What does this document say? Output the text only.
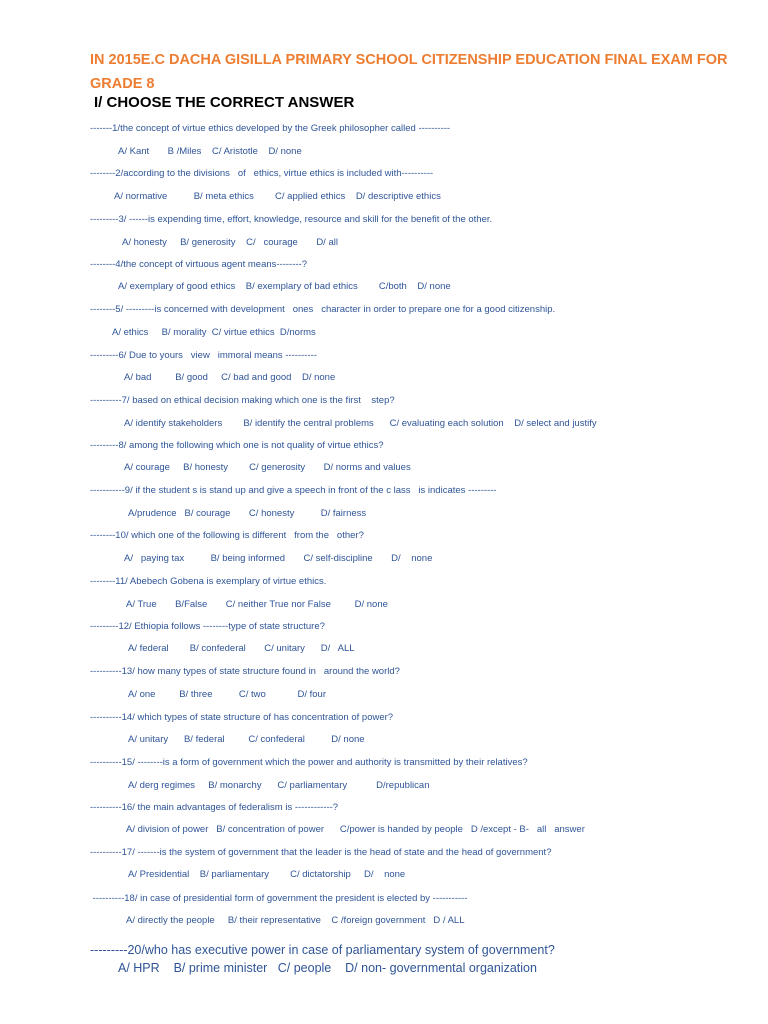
IN 2015E.C DACHA GISILLA PRIMARY SCHOOL CITIZENSHIP EDUCATION FINAL EXAM FOR GRADE 8
I/ CHOOSE THE CORRECT ANSWER
-------1/the concept of virtue ethics developed by the Greek philosopher called ----------
A/ Kant       B /Miles    C/ Aristotle    D/ none
--------2/according to the divisions   of   ethics, virtue ethics is included with----------
A/ normative          B/ meta ethics        C/ applied ethics    D/ descriptive ethics
---------3/ ------is expending time, effort, knowledge, resource and skill for the benefit of the other.
A/ honesty     B/ generosity    C/   courage       D/ all
--------4/the concept of virtuous agent means--------?
A/ exemplary of good ethics    B/ exemplary of bad ethics        C/both    D/ none
--------5/ ---------is concerned with development   ones   character in order to prepare one for a good citizenship.
A/ ethics     B/ morality  C/ virtue ethics  D/norms
---------6/ Due to yours   view   immoral means ----------
A/ bad         B/ good     C/ bad and good    D/ none
----------7/ based on ethical decision making which one is the first    step?
A/ identify stakeholders        B/ identify the central problems      C/ evaluating each solution    D/ select and justify
---------8/ among the following which one is not quality of virtue ethics?
A/ courage     B/ honesty        C/ generosity       D/ norms and values
-----------9/ if the student s is stand up and give a speech in front of the c lass   is indicates ---------
A/prudence   B/ courage       C/ honesty          D/ fairness
--------10/ which one of the following is different   from the   other?
A/   paying tax          B/ being informed       C/ self-discipline       D/    none
--------11/ Abebech Gobena is exemplary of virtue ethics.
A/ True       B/False       C/ neither True nor False         D/ none
---------12/ Ethiopia follows --------type of state structure?
A/ federal        B/ confederal       C/ unitary      D/   ALL
----------13/ how many types of state structure found in   around the world?
A/ one         B/ three          C/ two            D/ four
----------14/ which types of state structure of has concentration of power?
A/ unitary      B/ federal         C/ confederal          D/ none
----------15/ --------is a form of government which the power and authority is transmitted by their relatives?
A/ derg regimes     B/ monarchy      C/ parliamentary           D/republican
----------16/ the main advantages of federalism is ------------?
A/ division of power   B/ concentration of power      C/power is handed by people   D /except - B-   all   answer
----------17/ -------is the system of government that the leader is the head of state and the head of government?
A/ Presidential    B/ parliamentary        C/ dictatorship     D/    none
----------18/ in case of presidential form of government the president is elected by -----------
A/ directly the people     B/ their representative    C /foreign government   D / ALL
---------20/who has executive power in case of parliamentary system of government?
A/ HPR    B/ prime minister   C/ people    D/ non- governmental organization
